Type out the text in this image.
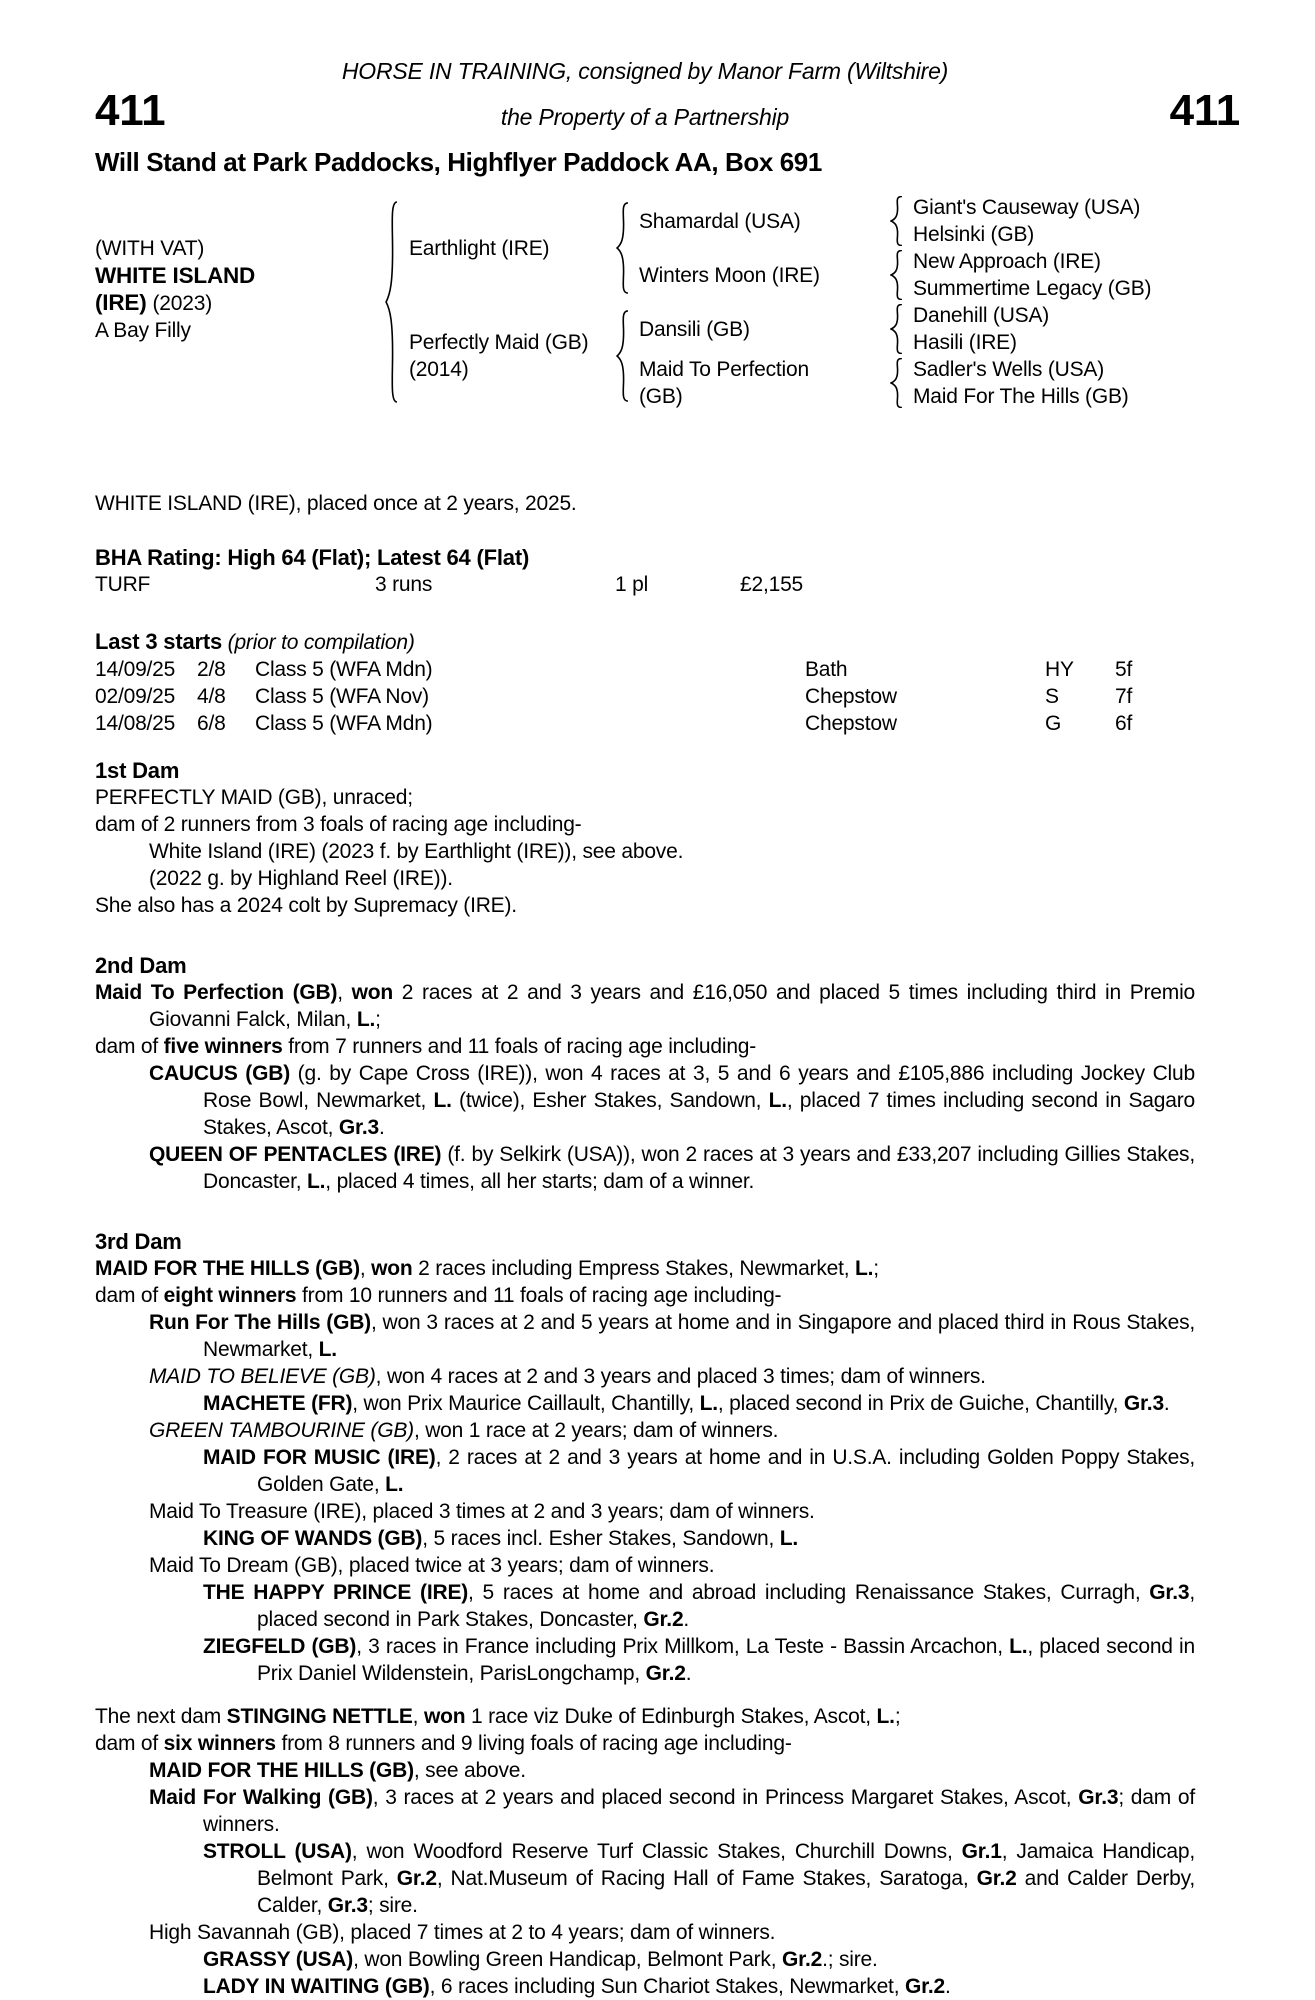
HORSE IN TRAINING, consigned by Manor Farm (Wiltshire)
411	the Property of a Partnership	411
Will Stand at Park Paddocks, Highflyer Paddock AA, Box 691
(WITH VAT)
WHITE ISLAND
(IRE) (2023)
A Bay Filly
Earthlight (IRE)
Perfectly Maid (GB) (2014)
Shamardal (USA)
Winters Moon (IRE)
Dansili (GB)
Maid To Perfection (GB)
Giant's Causeway (USA)
Helsinki (GB)
New Approach (IRE)
Summertime Legacy (GB)
Danehill (USA)
Hasili (IRE)
Sadler's Wells (USA)
Maid For The Hills (GB)
WHITE ISLAND (IRE), placed once at 2 years, 2025.
BHA Rating: High 64 (Flat); Latest 64 (Flat)
TURF	3 runs	1 pl	£2,155
Last 3 starts (prior to compilation)
14/09/25	2/8	Class 5 (WFA Mdn)	Bath	HY	5f
02/09/25	4/8	Class 5 (WFA Nov)	Chepstow	S	7f
14/08/25	6/8	Class 5 (WFA Mdn)	Chepstow	G	6f
1st Dam
PERFECTLY MAID (GB), unraced;
dam of 2 runners from 3 foals of racing age including-
White Island (IRE) (2023 f. by Earthlight (IRE)), see above.
(2022 g. by Highland Reel (IRE)).
She also has a 2024 colt by Supremacy (IRE).
2nd Dam
Maid To Perfection (GB), won 2 races at 2 and 3 years and £16,050 and placed 5 times including third in Premio Giovanni Falck, Milan, L.;
dam of five winners from 7 runners and 11 foals of racing age including-
CAUCUS (GB) (g. by Cape Cross (IRE)), won 4 races at 3, 5 and 6 years and £105,886 including Jockey Club Rose Bowl, Newmarket, L. (twice), Esher Stakes, Sandown, L., placed 7 times including second in Sagaro Stakes, Ascot, Gr.3.
QUEEN OF PENTACLES (IRE) (f. by Selkirk (USA)), won 2 races at 3 years and £33,207 including Gillies Stakes, Doncaster, L., placed 4 times, all her starts; dam of a winner.
3rd Dam
MAID FOR THE HILLS (GB), won 2 races including Empress Stakes, Newmarket, L.;
dam of eight winners from 10 runners and 11 foals of racing age including-
Run For The Hills (GB), won 3 races at 2 and 5 years at home and in Singapore and placed third in Rous Stakes, Newmarket, L.
MAID TO BELIEVE (GB), won 4 races at 2 and 3 years and placed 3 times; dam of winners.
MACHETE (FR), won Prix Maurice Caillault, Chantilly, L., placed second in Prix de Guiche, Chantilly, Gr.3.
GREEN TAMBOURINE (GB), won 1 race at 2 years; dam of winners.
MAID FOR MUSIC (IRE), 2 races at 2 and 3 years at home and in U.S.A. including Golden Poppy Stakes, Golden Gate, L.
Maid To Treasure (IRE), placed 3 times at 2 and 3 years; dam of winners.
KING OF WANDS (GB), 5 races incl. Esher Stakes, Sandown, L.
Maid To Dream (GB), placed twice at 3 years; dam of winners.
THE HAPPY PRINCE (IRE), 5 races at home and abroad including Renaissance Stakes, Curragh, Gr.3, placed second in Park Stakes, Doncaster, Gr.2.
ZIEGFELD (GB), 3 races in France including Prix Millkom, La Teste - Bassin Arcachon, L., placed second in Prix Daniel Wildenstein, ParisLongchamp, Gr.2.
The next dam STINGING NETTLE, won 1 race viz Duke of Edinburgh Stakes, Ascot, L.;
dam of six winners from 8 runners and 9 living foals of racing age including-
MAID FOR THE HILLS (GB), see above.
Maid For Walking (GB), 3 races at 2 years and placed second in Princess Margaret Stakes, Ascot, Gr.3; dam of winners.
STROLL (USA), won Woodford Reserve Turf Classic Stakes, Churchill Downs, Gr.1, Jamaica Handicap, Belmont Park, Gr.2, Nat.Museum of Racing Hall of Fame Stakes, Saratoga, Gr.2 and Calder Derby, Calder, Gr.3; sire.
High Savannah (GB), placed 7 times at 2 to 4 years; dam of winners.
GRASSY (USA), won Bowling Green Handicap, Belmont Park, Gr.2.; sire.
LADY IN WAITING (GB), 6 races including Sun Chariot Stakes, Newmarket, Gr.2.
